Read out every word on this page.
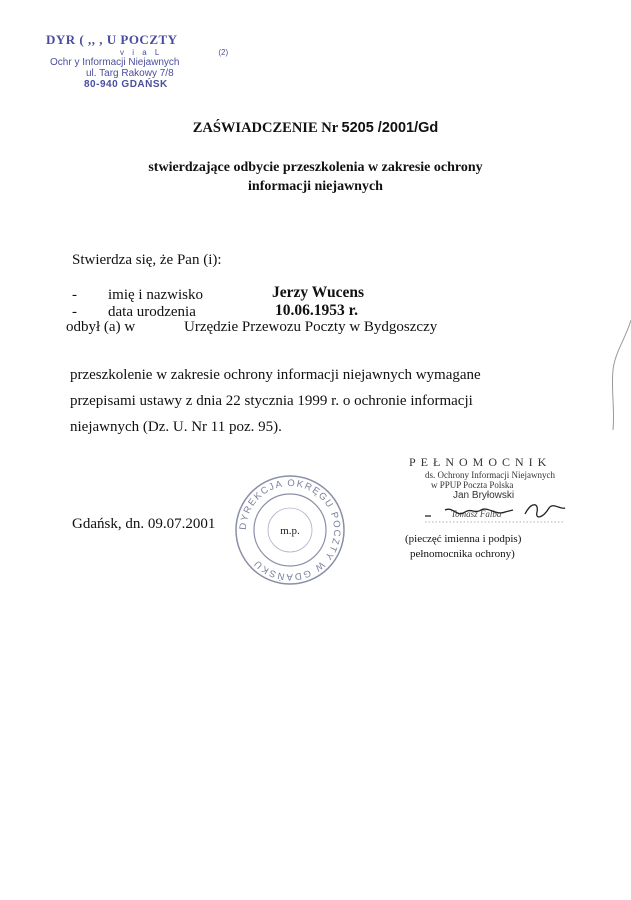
DYR ( ,, , U POCZTY
v i a L	(2)
Ochr y Informacji Niejawnych
ul. Targ Rakowy 7/8
80-940 GDAŃSK
ZAŚWIADCZENIE Nr 5205 /2001/Gd
stwierdzające odbycie przeszkolenia w zakresie ochrony
informacji niejawnych
Stwierdza się, że Pan (i):
- imię i nazwisko	Jerzy Wucens
- data urodzenia	10.06.1953 r.
odbył (a) w	Urzędzie Przewozu Poczty w Bydgoszczy
przeszkolenie w zakresie ochrony informacji niejawnych wymagane
przepisami ustawy z dnia 22 stycznia 1999 r. o ochronie informacji
niejawnych (Dz. U. Nr 11 poz. 95).
Gdańsk, dn. 09.07.2001 DYREKCJA OKRĘGU POCZTY W GDAŃSKU
m.p.
PEŁNOMOCNIK
ds. Ochrony Informacji Niejawnych
w PPUP Poczta Polska
Jan Bryłowski
Tomasz Falba
(pieczęć imienna i podpis)
pełnomocnika ochrony)
